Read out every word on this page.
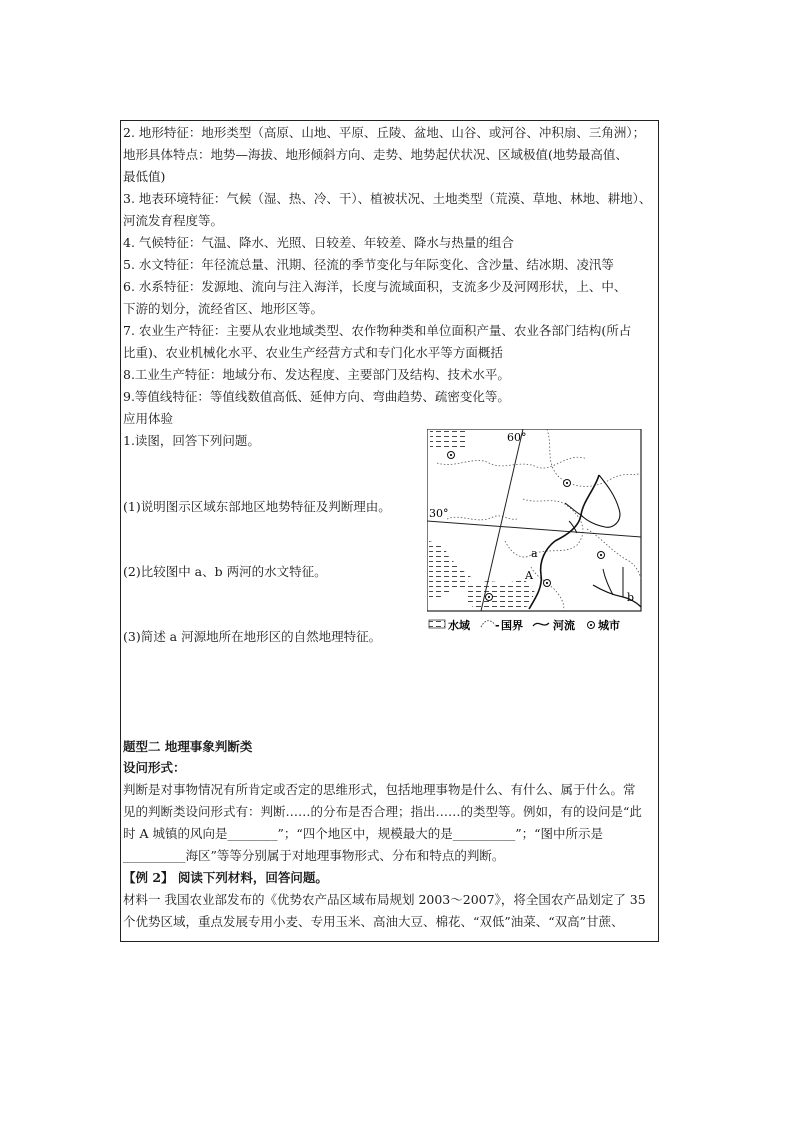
2. 地形特征：地形类型（高原、山地、平原、丘陵、盆地、山谷、或河谷、冲积扇、三角洲）；
地形具体特点：地势—海拔、地形倾斜方向、走势、地势起伏状况、区域极值(地势最高值、
最低值)
3. 地表环境特征：气候（湿、热、冷、干）、植被状况、土地类型（荒漠、草地、林地、耕地）、
河流发育程度等。
4. 气候特征：气温、降水、光照、日较差、年较差、降水与热量的组合
5. 水文特征：年径流总量、汛期、径流的季节变化与年际变化、含沙量、结冰期、凌汛等
6. 水系特征：发源地、流向与注入海洋，长度与流域面积，支流多少及河网形状，上、中、
下游的划分，流经省区、地形区等。
7. 农业生产特征：主要从农业地域类型、农作物种类和单位面积产量、农业各部门结构(所占
比重)、农业机械化水平、农业生产经营方式和专门化水平等方面概括
8.工业生产特征：地域分布、发达程度、主要部门及结构、技术水平。
9.等值线特征：等值线数值高低、延伸方向、弯曲趋势、疏密变化等。
应用体验
1.读图，回答下列问题。
(1)说明图示区域东部地区地势特征及判断理由。
(2)比较图中 a、b 两河的水文特征。
(3)简述 a 河源地所在地形区的自然地理特征。
题型二 地理事象判断类
设问形式：
判断是对事物情况有所肯定或否定的思维形式，包括地理事物是什么、有什么、属于什么。常
见的判断类设问形式有：判断……的分布是否合理；指出……的类型等。例如，有的设问是“此
时 A 城镇的风向是________”；“四个地区中，规模最大的是__________”；“图中所示是
__________海区”等等分别属于对地理事物形式、分布和特点的判断。
【例 2】 阅读下列材料，回答问题。
材料一 我国农业部发布的《优势农产品区域布局规划 2003～2007》，将全国农产品划定了 35
个优势区域，重点发展专用小麦、专用玉米、高油大豆、棉花、“双低”油菜、“双高”甘蔗、
60°
30°
a
A
b
水域 - 国界	河流 城市
